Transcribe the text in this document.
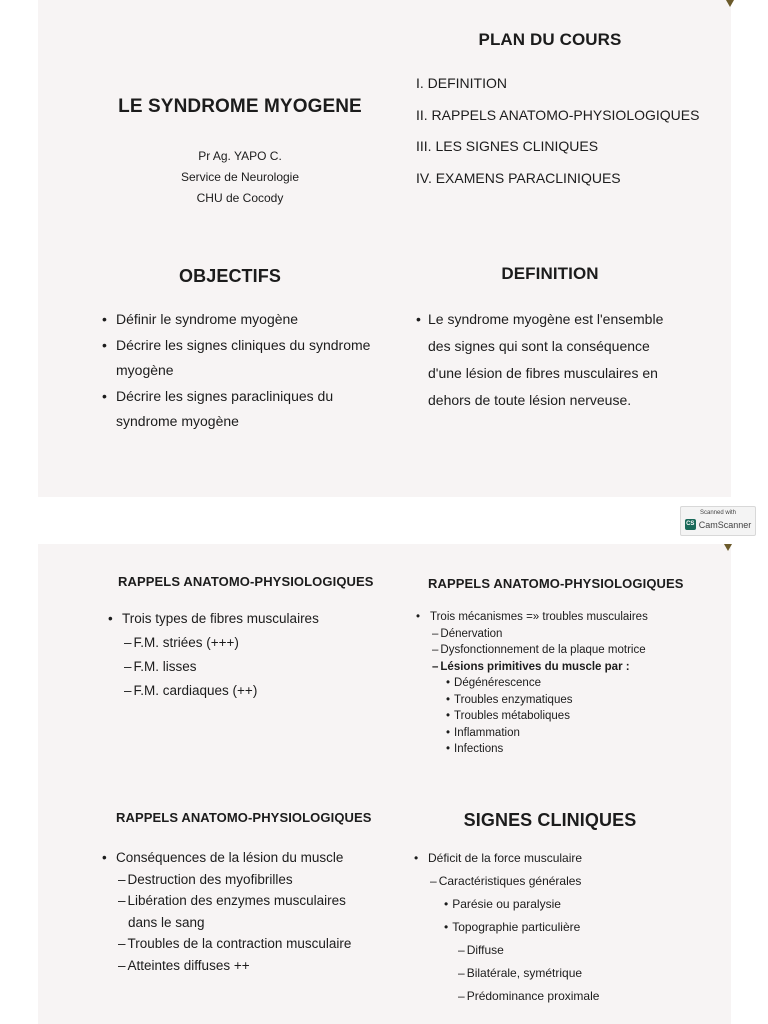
LE SYNDROME MYOGENE
Pr Ag. YAPO C.
Service de Neurologie
CHU de Cocody
PLAN DU COURS
I. DEFINITION
II. RAPPELS ANATOMO-PHYSIOLOGIQUES
III. LES SIGNES CLINIQUES
IV. EXAMENS PARACLINIQUES
OBJECTIFS
• Définir le syndrome myogène
• Décrire les signes cliniques du syndrome myogène
• Décrire les signes paracliniques du syndrome myogène
DEFINITION
• Le syndrome myogène est l'ensemble des signes qui sont la conséquence d'une lésion de fibres musculaires en dehors de toute lésion nerveuse.
RAPPELS ANATOMO-PHYSIOLOGIQUES
• Trois types de fibres musculaires
– F.M. striées (+++)
– F.M. lisses
– F.M. cardiaques (++)
RAPPELS ANATOMO-PHYSIOLOGIQUES
• Trois mécanismes =» troubles musculaires
– Dénervation
– Dysfonctionnement de la plaque motrice
– Lésions primitives du muscle par :
• Dégénérescence
• Troubles enzymatiques
• Troubles métaboliques
• Inflammation
• Infections
RAPPELS ANATOMO-PHYSIOLOGIQUES
• Conséquences de la lésion du muscle
– Destruction des myofibrilles
– Libération des enzymes musculaires dans le sang
– Troubles de la contraction musculaire
– Atteintes diffuses ++
SIGNES CLINIQUES
• Déficit de la force musculaire
– Caractéristiques générales
• Parésie ou paralysie
• Topographie particulière
– Diffuse
– Bilatérale, symétrique
– Prédominance proximale
Scanned with
CS CamScanner
